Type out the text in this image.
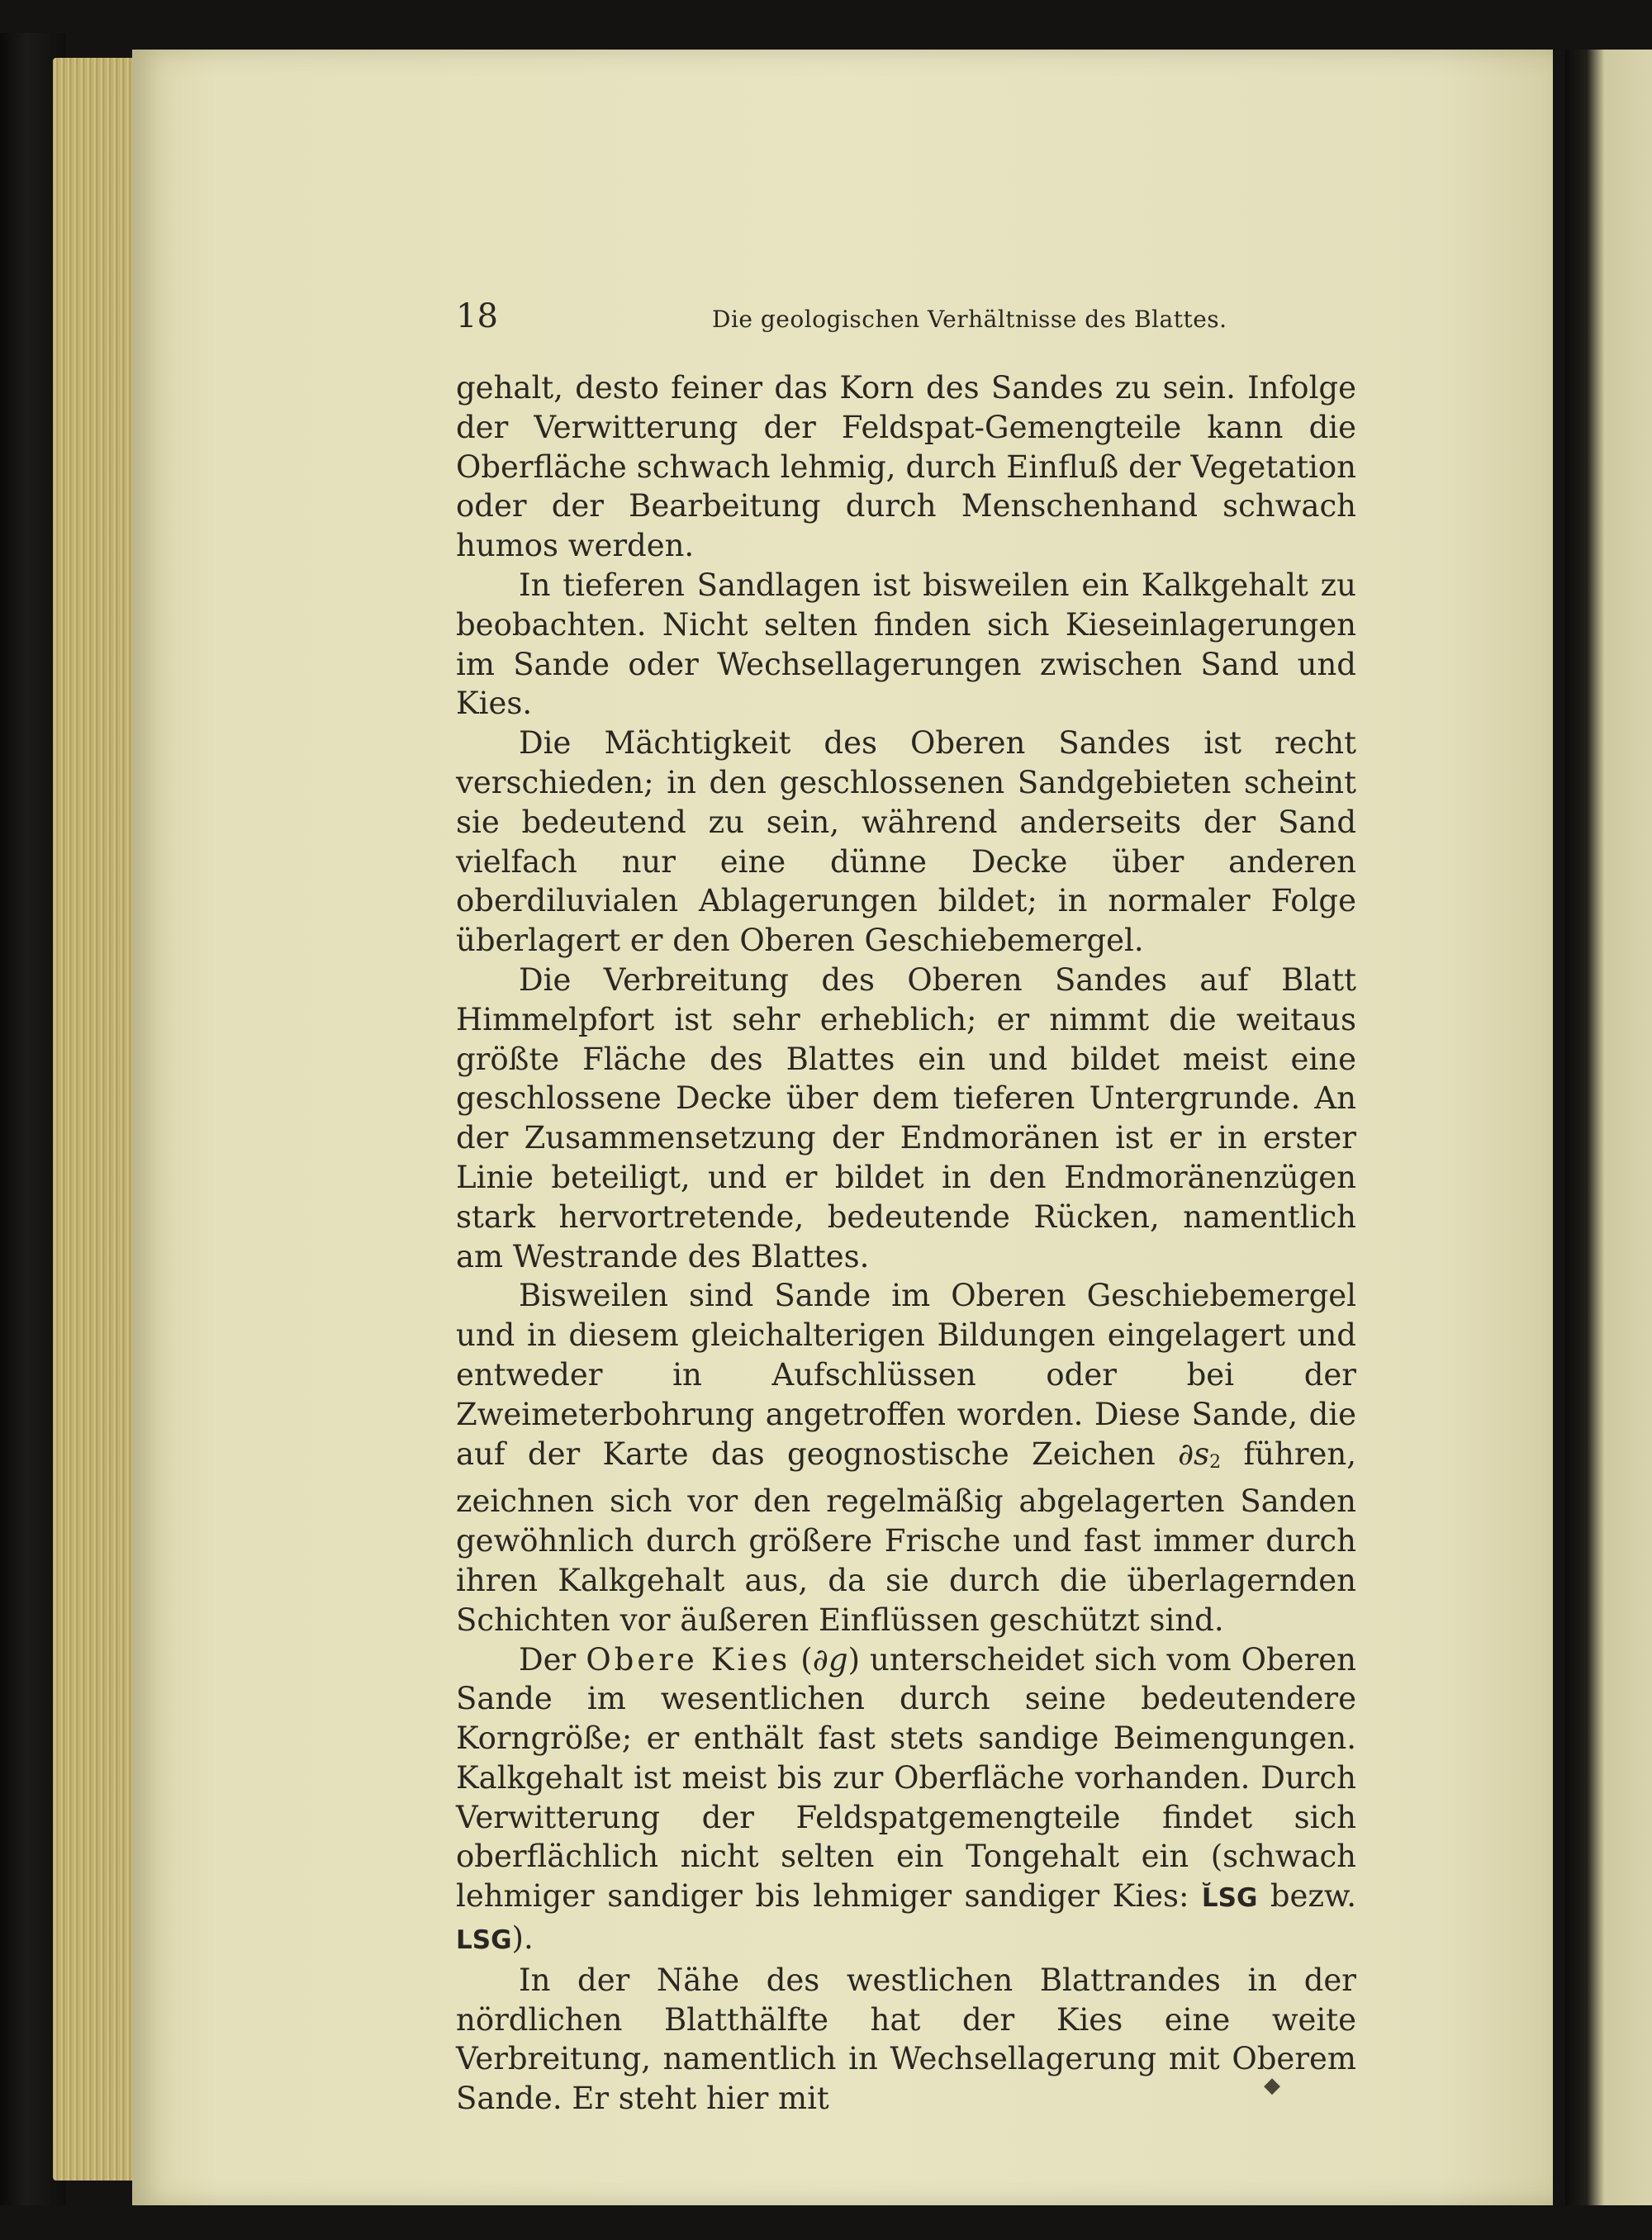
18	Die geologischen Verhältnisse des Blattes.

gehalt, desto feiner das Korn des Sandes zu sein. Infolge der Verwitterung der Feldspat-Gemengteile kann die Oberfläche schwach lehmig, durch Einfluß der Vegetation oder der Bearbeitung durch Menschenhand schwach humos werden.

In tieferen Sandlagen ist bisweilen ein Kalkgehalt zu beobachten. Nicht selten finden sich Kieseinlagerungen im Sande oder Wechsellagerungen zwischen Sand und Kies.

Die Mächtigkeit des Oberen Sandes ist recht verschieden; in den geschlossenen Sandgebieten scheint sie bedeutend zu sein, während anderseits der Sand vielfach nur eine dünne Decke über anderen oberdiluvialen Ablagerungen bildet; in normaler Folge überlagert er den Oberen Geschiebemergel.

Die Verbreitung des Oberen Sandes auf Blatt Himmelpfort ist sehr erheblich; er nimmt die weitaus größte Fläche des Blattes ein und bildet meist eine geschlossene Decke über dem tieferen Untergrunde. An der Zusammensetzung der Endmoränen ist er in erster Linie beteiligt, und er bildet in den Endmoränenzügen stark hervortretende, bedeutende Rücken, namentlich am Westrande des Blattes.

Bisweilen sind Sande im Oberen Geschiebemergel und in diesem gleichalterigen Bildungen eingelagert und entweder in Aufschlüssen oder bei der Zweimeterbohrung angetroffen worden. Diese Sande, die auf der Karte das geognostische Zeichen ∂s2 führen, zeichnen sich vor den regelmäßig abgelagerten Sanden gewöhnlich durch größere Frische und fast immer durch ihren Kalkgehalt aus, da sie durch die überlagernden Schichten vor äußeren Einflüssen geschützt sind.

Der Obere Kies (∂g) unterscheidet sich vom Oberen Sande im wesentlichen durch seine bedeutendere Korngröße; er enthält fast stets sandige Beimengungen. Kalkgehalt ist meist bis zur Oberfläche vorhanden. Durch Verwitterung der Feldspatgemengteile findet sich oberflächlich nicht selten ein Tongehalt ein (schwach lehmiger sandiger bis lehmiger sandiger Kies: L̆SG bezw. LSG).

In der Nähe des westlichen Blattrandes in der nördlichen Blatthälfte hat der Kies eine weite Verbreitung, namentlich in Wechsellagerung mit Oberem Sande. Er steht hier mit	◆
